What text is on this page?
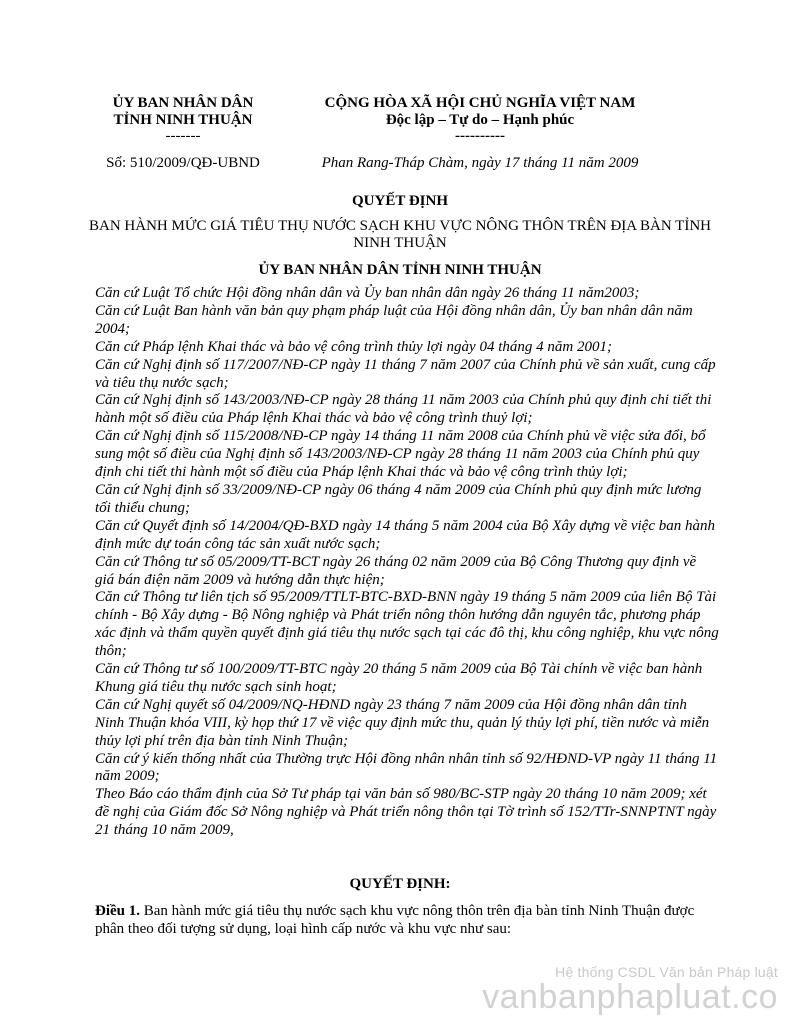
ỦY BAN NHÂN DÂN
TỈNH NINH THUẬN
-------
Số: 510/2009/QĐ-UBND
CỘNG HÒA XÃ HỘI CHỦ NGHĨA VIỆT NAM
Độc lập – Tự do – Hạnh phúc
----------
Phan Rang-Tháp Chàm, ngày 17 tháng 11 năm 2009
QUYẾT ĐỊNH
BAN HÀNH MỨC GIÁ TIÊU THỤ NƯỚC SẠCH KHU VỰC NÔNG THÔN TRÊN ĐỊA BÀN TỈNH NINH THUẬN
ỦY BAN NHÂN DÂN TỈNH NINH THUẬN

Căn cứ Luật Tổ chức Hội đồng nhân dân và Ủy ban nhân dân ngày 26 tháng 11 năm2003;

Căn cứ Luật Ban hành văn bản quy phạm pháp luật của Hội đồng nhân dân, Ủy ban nhân dân năm 2004;

Căn cứ Pháp lệnh Khai thác và bảo vệ công trình thủy lợi ngày 04 tháng 4 năm 2001;

Căn cứ Nghị định số 117/2007/NĐ-CP ngày 11 tháng 7 năm 2007 của Chính phủ về sản xuất, cung cấp và tiêu thụ nước sạch;

Căn cứ Nghị định số 143/2003/NĐ-CP ngày 28 tháng 11 năm 2003 của Chính phủ quy định chi tiết thi hành một số điều của Pháp lệnh Khai thác và bảo vệ công trình thuỷ lợi;

Căn cứ Nghị định số 115/2008/NĐ-CP ngày 14 tháng 11 năm 2008 của Chính phủ về việc sửa đổi, bổ sung một số điều của Nghị định số 143/2003/NĐ-CP ngày 28 tháng 11 năm 2003 của Chính phủ quy định chi tiết thi hành một số điều của Pháp lệnh Khai thác và bảo vệ công trình thủy lợi;

Căn cứ Nghị định số 33/2009/NĐ-CP ngày 06 tháng 4 năm 2009 của Chính phủ quy định mức lương tối thiểu chung;

Căn cứ Quyết định số 14/2004/QĐ-BXD ngày 14 tháng 5 năm 2004 của Bộ Xây dựng về việc ban hành định mức dự toán công tác sản xuất nước sạch;

Căn cứ Thông tư số 05/2009/TT-BCT ngày 26 tháng 02 năm 2009 của Bộ Công Thương quy định về giá bán điện năm 2009 và hướng dẫn thực hiện;

Căn cứ Thông tư liên tịch số 95/2009/TTLT-BTC-BXD-BNN ngày 19 tháng 5 năm 2009 của liên Bộ Tài chính - Bộ Xây dựng - Bộ Nông nghiệp và Phát triển nông thôn hướng dẫn nguyên tắc, phương pháp xác định và thẩm quyền quyết định giá tiêu thụ nước sạch tại các đô thị, khu công nghiệp, khu vực nông thôn;

Căn cứ Thông tư số 100/2009/TT-BTC ngày 20 tháng 5 năm 2009 của Bộ Tài chính về việc ban hành Khung giá tiêu thụ nước sạch sinh hoạt;

Căn cứ Nghị quyết số 04/2009/NQ-HĐND ngày 23 tháng 7 năm 2009 của Hội đồng nhân dân tỉnh Ninh Thuận khóa VIII, kỳ họp thứ 17 về việc quy định mức thu, quản lý thủy lợi phí, tiền nước và miễn thủy lợi phí trên địa bàn tỉnh Ninh Thuận;

Căn cứ ý kiến thống nhất của Thường trực Hội đồng nhân nhân tỉnh số 92/HĐND-VP ngày 11 tháng 11 năm 2009;

Theo Báo cáo thẩm định của Sở Tư pháp tại văn bản số 980/BC-STP ngày 20 tháng 10 năm 2009; xét đề nghị của Giám đốc Sở Nông nghiệp và Phát triển nông thôn tại Tờ trình số 152/TTr-SNNPTNT ngày 21 tháng 10 năm 2009,

QUYẾT ĐỊNH:

Điều 1. Ban hành mức giá tiêu thụ nước sạch khu vực nông thôn trên địa bàn tỉnh Ninh Thuận được phân theo đối tượng sử dụng, loại hình cấp nước và khu vực như sau:

Hệ thống CSDL Văn bản Pháp luật
vanbanphapluat.co
